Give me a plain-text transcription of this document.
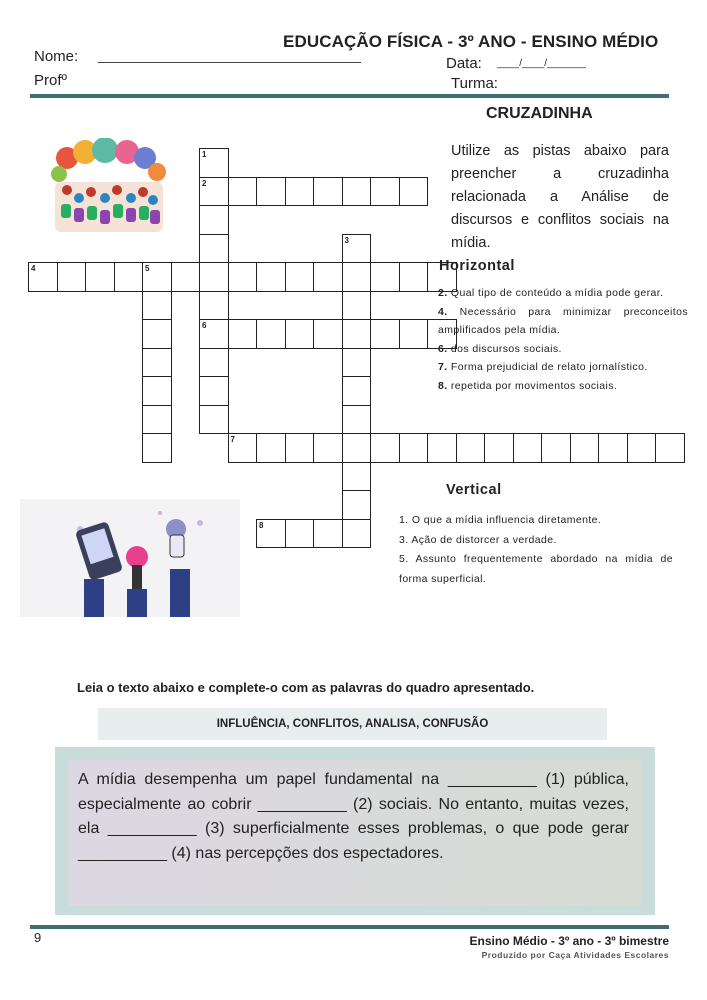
EDUCAÇÃO FÍSICA - 3º ANO - ENSINO MÉDIO
Nome:
Profº
Data: ____/____/_______
Turma:
CRUZADINHA
Utilize as pistas abaixo para preencher a cruzadinha relacionada a Análise de discursos e conflitos sociais na mídia.
1
2
6
3
4	5
7
8
Horizontal
2. Qual tipo de conteúdo a mídia pode gerar.
4. Necessário para minimizar preconceitos amplificados pela mídia.
6. dos discursos sociais.
7. Forma prejudicial de relato jornalístico.
8. repetida por movimentos sociais.
Vertical
1. O que a mídia influencia diretamente.
3. Ação de distorcer a verdade.
5. Assunto frequentemente abordado na mídia de forma superficial.
Leia o texto abaixo e complete-o com as palavras do quadro apresentado.
INFLUÊNCIA, CONFLITOS, ANALISA, CONFUSÃO
A mídia desempenha um papel fundamental na __________ (1) pública, especialmente ao cobrir __________ (2) sociais. No entanto, muitas vezes, ela __________ (3) superficialmente esses problemas, o que pode gerar __________ (4) nas percepções dos espectadores.
9	Ensino Médio - 3º ano - 3º bimestre
Produzido por Caça Atividades Escolares
